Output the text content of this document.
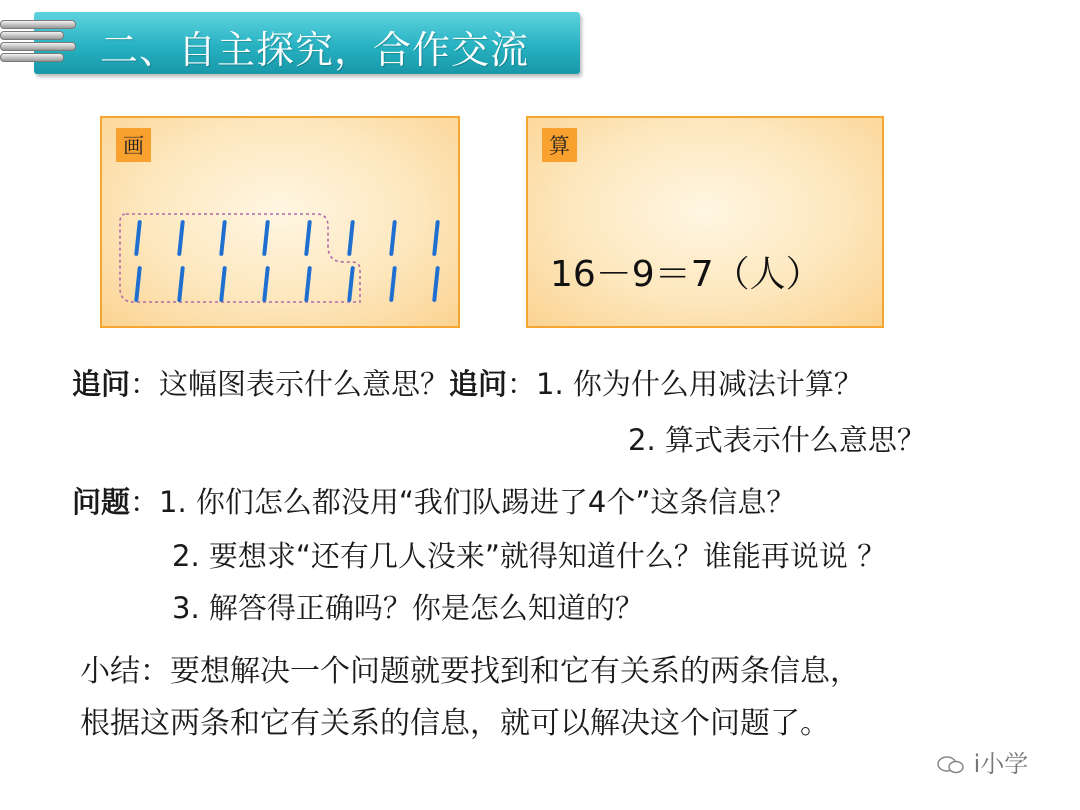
二、自主探究，合作交流
画	算
16－9＝7（人）
追问：这幅图表示什么意思？追问：1. 你为什么用减法计算？
2. 算式表示什么意思？
问题：1. 你们怎么都没用“我们队踢进了4个”这条信息？
2. 要想求“还有几人没来”就得知道什么？谁能再说说 ？
3. 解答得正确吗？你是怎么知道的？
小结：要想解决一个问题就要找到和它有关系的两条信息，
根据这两条和它有关系的信息，就可以解决这个问题了。
i小学
